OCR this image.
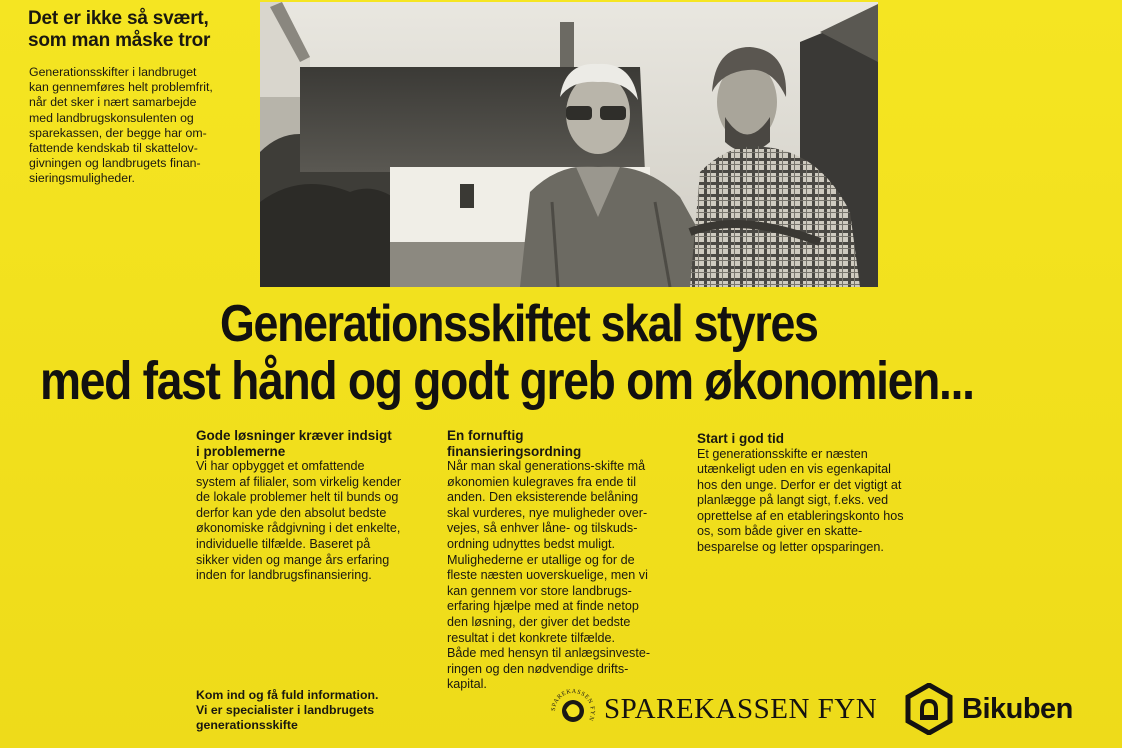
Det er ikke så svært,
som man måske tror
Generationsskifter i landbruget
kan gennemføres helt problemfrit,
når det sker i nært samarbejde
med landbrugskonsulenten og
sparekassen, der begge har om-
fattende kendskab til skattelov-
givningen og landbrugets finan-
sieringsmuligheder.
Generationsskiftet skal styres
med fast hånd og godt greb om økonomien...
Gode løsninger kræver indsigt
i problemerne
Vi har opbygget et omfattende
system af filialer, som virkelig kender
de lokale problemer helt til bunds og
derfor kan yde den absolut bedste
økonomiske rådgivning i det enkelte,
individuelle tilfælde. Baseret på
sikker viden og mange års erfaring
inden for landbrugsfinansiering.
En fornuftig
finansieringsordning
Når man skal generations-skifte må
økonomien kulegraves fra ende til
anden. Den eksisterende belåning
skal vurderes, nye muligheder over-
vejes, så enhver låne- og tilskuds-
ordning udnyttes bedst muligt.
Mulighederne er utallige og for de
fleste næsten uoverskuelige, men vi
kan gennem vor store landbrugs-
erfaring hjælpe med at finde netop
den løsning, der giver det bedste
resultat i det konkrete tilfælde.
Både med hensyn til anlægsinveste-
ringen og den nødvendige drifts-
kapital.
Start i god tid
Et generationsskifte er næsten
utænkeligt uden en vis egenkapital
hos den unge. Derfor er det vigtigt at
planlægge på langt sigt, f.eks. ved
oprettelse af en etableringskonto hos
os, som både giver en skatte-
besparelse og letter opsparingen.
Kom ind og få fuld information.
Vi er specialister i landbrugets
generationsskifte
SPAREKASSEN FYN SPAREKASSEN FYN	Bikuben
